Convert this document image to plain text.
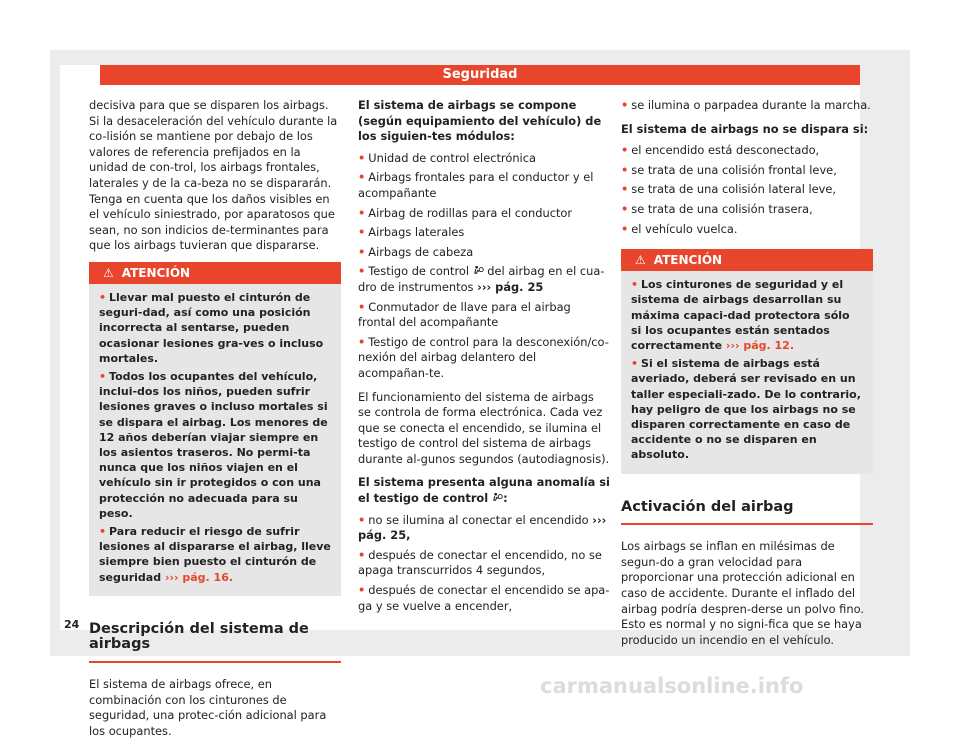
Seguridad

decisiva para que se disparen los airbags. Si la desaceleración del vehículo durante la co-lisión se mantiene por debajo de los valores de referencia prefijados en la unidad de con-trol, los airbags frontales, laterales y de la ca-beza no se dispararán. Tenga en cuenta que los daños visibles en el vehículo siniestrado, por aparatosos que sean, no son indicios de-terminantes para que los airbags tuvieran que dispararse.

⚠ ATENCIÓN
• Llevar mal puesto el cinturón de seguri-dad, así como una posición incorrecta al sentarse, pueden ocasionar lesiones gra-ves o incluso mortales.
• Todos los ocupantes del vehículo, inclui-dos los niños, pueden sufrir lesiones graves o incluso mortales si se dispara el airbag. Los menores de 12 años deberían viajar siempre en los asientos traseros. No permi-ta nunca que los niños viajen en el vehículo sin ir protegidos o con una protección no adecuada para su peso.
• Para reducir el riesgo de sufrir lesiones al dispararse el airbag, lleve siempre bien puesto el cinturón de seguridad ››› pág. 16.
Descripción del sistema de airbags

El sistema de airbags ofrece, en combinación con los cinturones de seguridad, una protec-ción adicional para los ocupantes.

El sistema de airbags se compone (según equipamiento del vehículo) de los siguien-tes módulos:

• Unidad de control electrónica
• Airbags frontales para el conductor y el acompañante
• Airbag de rodillas para el conductor
• Airbags laterales
• Airbags de cabeza
• Testigo de control del airbag en el cua-dro de instrumentos ››› pág. 25
• Conmutador de llave para el airbag frontal del acompañante
• Testigo de control para la desconexión/co-nexión del airbag delantero del acompañan-te.

El funcionamiento del sistema de airbags se controla de forma electrónica. Cada vez que se conecta el encendido, se ilumina el testigo de control del sistema de airbags durante al-gunos segundos (autodiagnosis).

El sistema presenta alguna anomalía si el testigo de control :

• no se ilumina al conectar el encendido ››› pág. 25,
• después de conectar el encendido, no se apaga transcurridos 4 segundos,
• después de conectar el encendido se apa-ga y se vuelve a encender,
• se ilumina o parpadea durante la marcha.

El sistema de airbags no se dispara si:

• el encendido está desconectado,
• se trata de una colisión frontal leve,
• se trata de una colisión lateral leve,
• se trata de una colisión trasera,
• el vehículo vuelca.
⚠ ATENCIÓN
• Los cinturones de seguridad y el sistema de airbags desarrollan su máxima capaci-dad protectora sólo si los ocupantes están sentados correctamente ››› pág. 12.
• Si el sistema de airbags está averiado, deberá ser revisado en un taller especiali-zado. De lo contrario, hay peligro de que los airbags no se disparen correctamente en caso de accidente o no se disparen en absoluto.
Activación del airbag

Los airbags se inflan en milésimas de segun-do a gran velocidad para proporcionar una protección adicional en caso de accidente. Durante el inflado del airbag podría despren-derse un polvo fino. Esto es normal y no signi-fica que se haya producido un incendio en el vehículo.

24
carmanualsonline.info
